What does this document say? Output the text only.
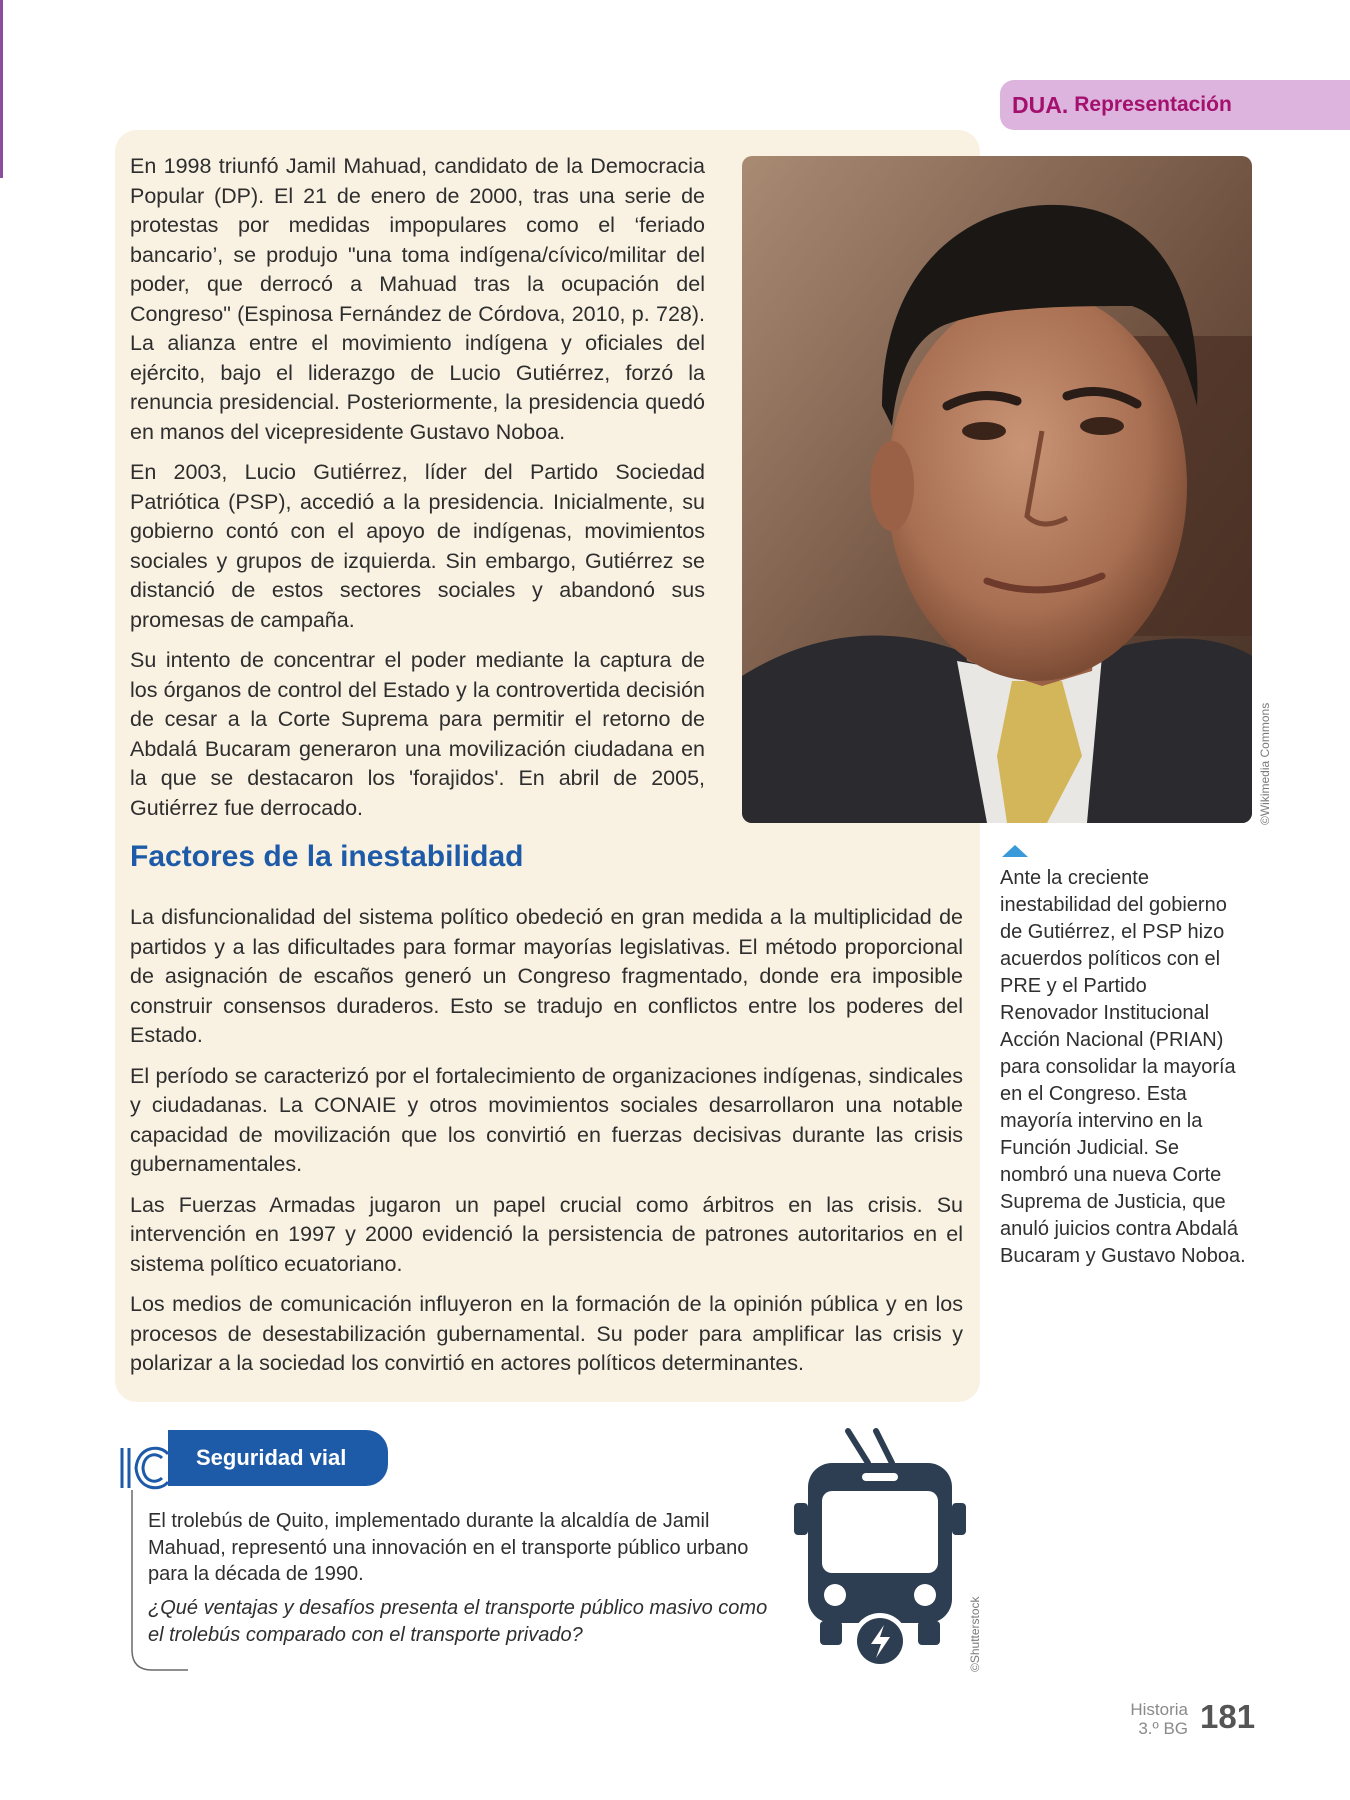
DUA. Representación

En 1998 triunfó Jamil Mahuad, candidato de la Democracia Popular (DP). El 21 de enero de 2000, tras una serie de protestas por medidas impopulares como el ‘feriado bancario’, se produjo "una toma indígena/cívico/militar del poder, que derrocó a Mahuad tras la ocupación del Congreso" (Espinosa Fernández de Córdova, 2010, p. 728). La alianza entre el movimiento indígena y oficiales del ejército, bajo el liderazgo de Lucio Gutiérrez, forzó la renuncia presidencial. Posteriormente, la presidencia quedó en manos del vicepresidente Gustavo Noboa.

En 2003, Lucio Gutiérrez, líder del Partido Sociedad Patriótica (PSP), accedió a la presidencia. Inicialmente, su gobierno contó con el apoyo de indígenas, movimientos sociales y grupos de izquierda. Sin embargo, Gutiérrez se distanció de estos sectores sociales y abandonó sus promesas de campaña.

Su intento de concentrar el poder mediante la captura de los órganos de control del Estado y la controvertida decisión de cesar a la Corte Suprema para permitir el retorno de Abdalá Bucaram generaron una movilización ciudadana en la que se destacaron los 'forajidos'. En abril de 2005, Gutiérrez fue derrocado.	©Wikimedia Commons
Factores de la inestabilidad

Ante la creciente inestabilidad del gobierno de Gutiérrez, el PSP hizo acuerdos políticos con el PRE y el Partido Renovador Institucional Acción Nacional (PRIAN) para consolidar la mayoría en el Congreso. Esta mayoría intervino en la Función Judicial. Se nombró una nueva Corte Suprema de Justicia, que anuló juicios contra Abdalá Bucaram y Gustavo Noboa.

La disfuncionalidad del sistema político obedeció en gran medida a la multiplicidad de partidos y a las dificultades para formar mayorías legislativas. El método proporcional de asignación de escaños generó un Congreso fragmentado, donde era imposible construir consensos duraderos. Esto se tradujo en conflictos entre los poderes del Estado.

El período se caracterizó por el fortalecimiento de organizaciones indígenas, sindicales y ciudadanas. La CONAIE y otros movimientos sociales desarrollaron una notable capacidad de movilización que los convirtió en fuerzas decisivas durante las crisis gubernamentales.

Las Fuerzas Armadas jugaron un papel crucial como árbitros en las crisis. Su intervención en 1997 y 2000 evidenció la persistencia de patrones autoritarios en el sistema político ecuatoriano.

Los medios de comunicación influyeron en la formación de la opinión pública y en los procesos de desestabilización gubernamental. Su poder para amplificar las crisis y polarizar a la sociedad los convirtió en actores políticos determinantes.

Seguridad vial

El trolebús de Quito, implementado durante la alcaldía de Jamil Mahuad, representó una innovación en el transporte público urbano para la década de 1990.

¿Qué ventajas y desafíos presenta el transporte público masivo como el trolebús comparado con el transporte privado?	©Shutterstock
Historia
3.º BG 181
